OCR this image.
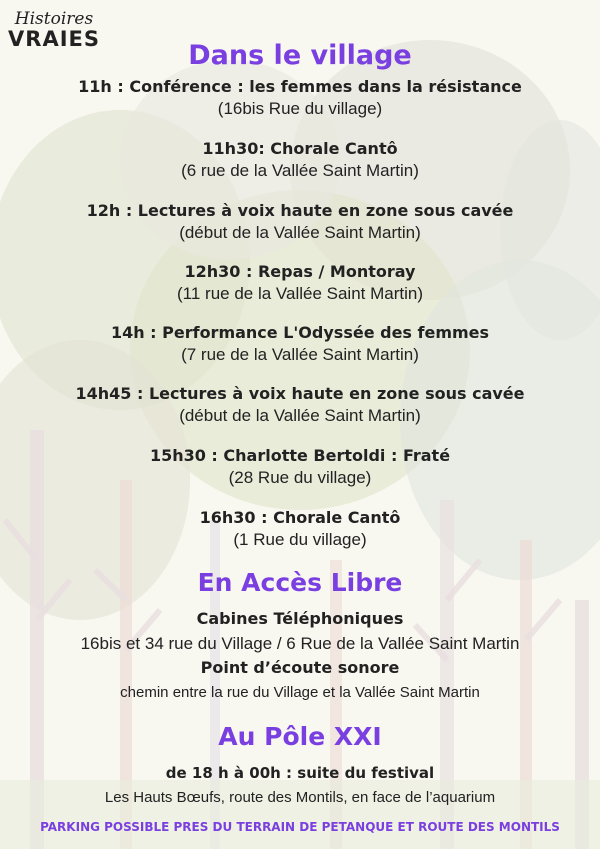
Histoires
VRAIES
Dans le village
11h : Conférence : les femmes dans la résistance
(16bis Rue du village)
11h30: Chorale Cantô
(6 rue de la Vallée Saint Martin)
12h : Lectures à voix haute en zone sous cavée
(début de la Vallée Saint Martin)
12h30 : Repas / Montoray
(11 rue de la Vallée Saint Martin)
14h : Performance L'Odyssée des femmes
(7 rue de la Vallée Saint Martin)
14h45 : Lectures à voix haute en zone sous cavée
(début de la Vallée Saint Martin)
15h30 : Charlotte Bertoldi : Fraté
(28 Rue du village)
16h30 : Chorale Cantô
(1 Rue du village)
En Accès Libre
Cabines Téléphoniques
16bis et 34 rue du Village / 6 Rue de la Vallée Saint Martin
Point d’écoute sonore
chemin entre la rue du Village et la Vallée Saint Martin
Au Pôle XXI
de 18 h à 00h : suite du festival
Les Hauts Bœufs, route des Montils, en face de l’aquarium
PARKING POSSIBLE PRES DU TERRAIN DE PETANQUE ET ROUTE DES MONTILS
